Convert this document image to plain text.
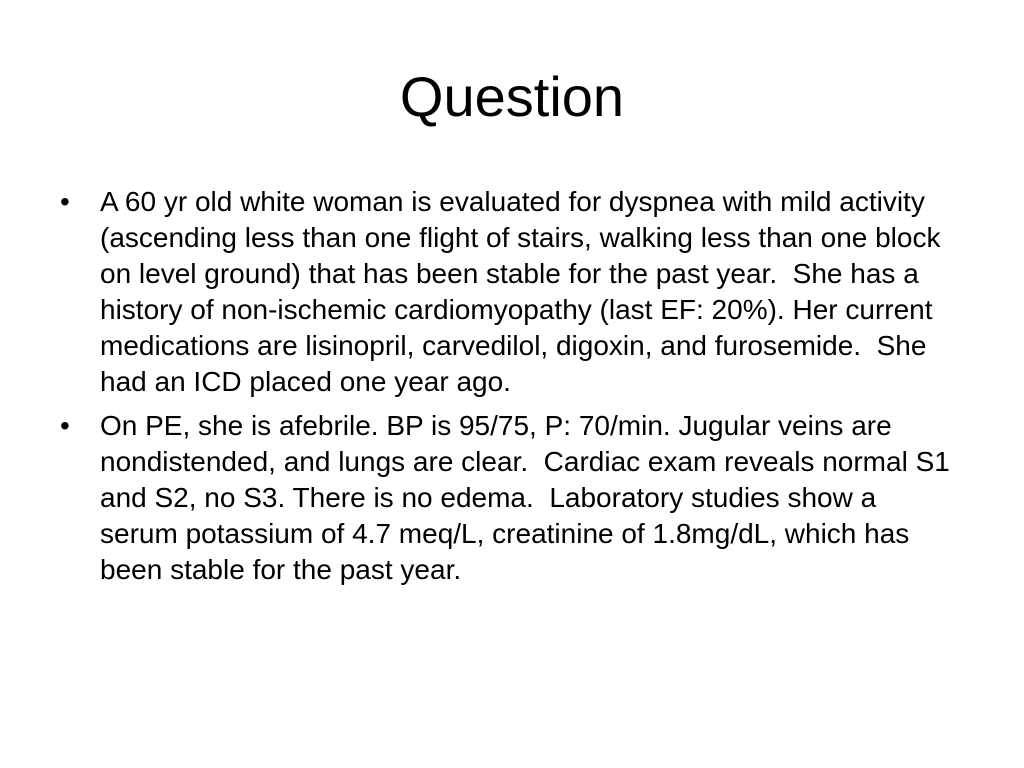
Question
•	A 60 yr old white woman is evaluated for dyspnea with mild activity (ascending less than one flight of stairs, walking less than one block on level ground) that has been stable for the past year.  She has a history of non-ischemic cardiomyopathy (last EF: 20%). Her current medications are lisinopril, carvedilol, digoxin, and furosemide.  She had an ICD placed one year ago.
•	On PE, she is afebrile. BP is 95/75, P: 70/min. Jugular veins are nondistended, and lungs are clear.  Cardiac exam reveals normal S1 and S2, no S3. There is no edema.  Laboratory studies show a serum potassium of 4.7 meq/L, creatinine of 1.8mg/dL, which has been stable for the past year.
